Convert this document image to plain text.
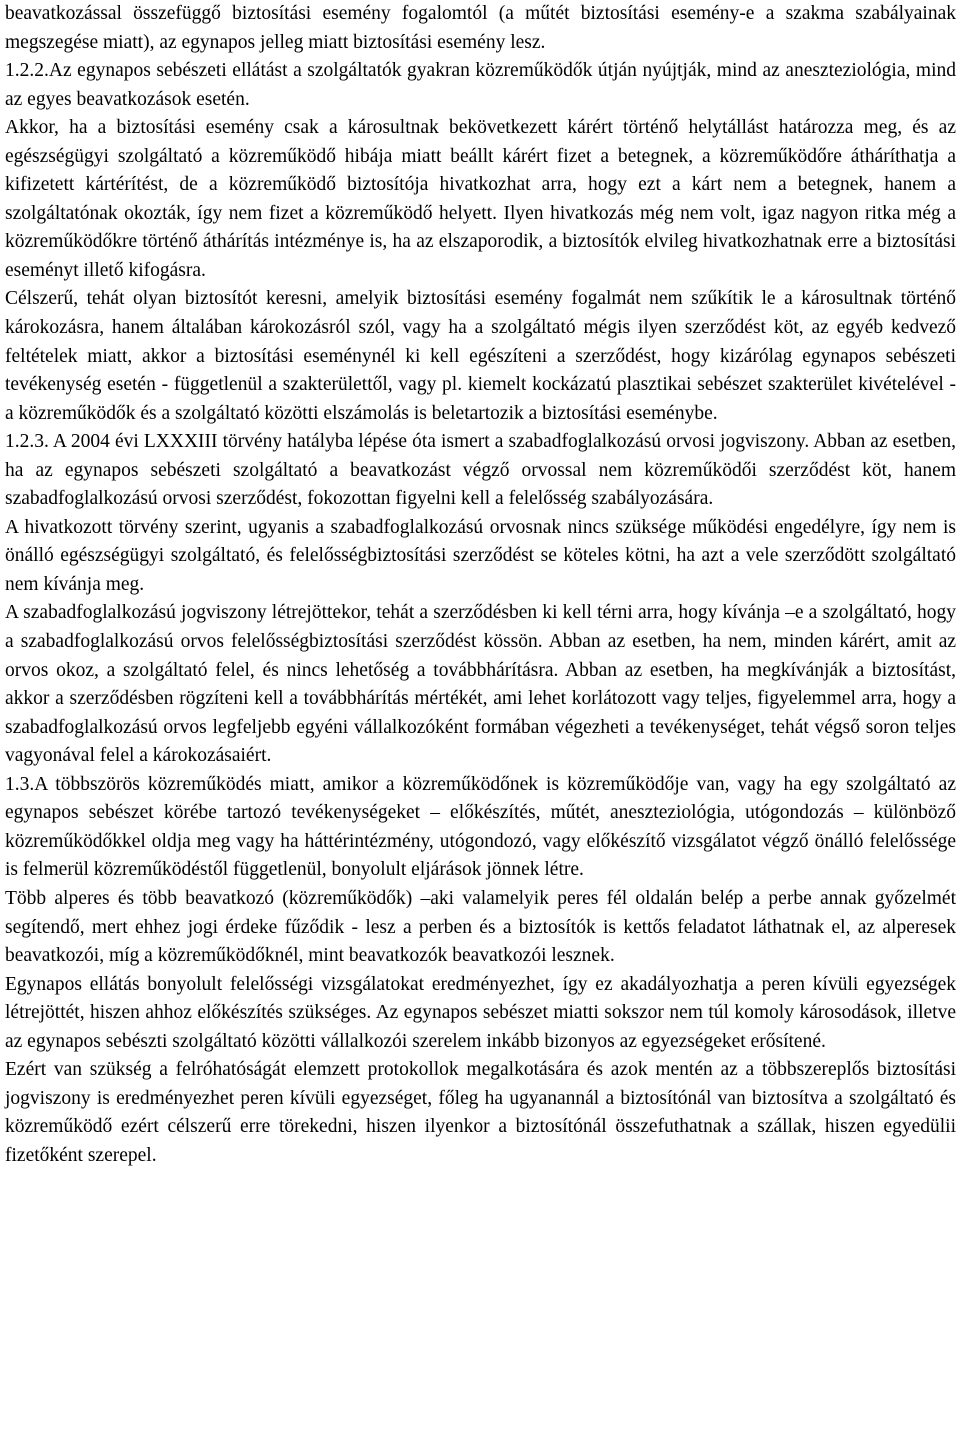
beavatkozással összefüggő biztosítási esemény fogalomtól (a műtét biztosítási esemény-e a szakma szabályainak megszegése miatt), az egynapos jelleg miatt biztosítási esemény lesz.

1.2.2.Az egynapos sebészeti ellátást a szolgáltatók gyakran közreműködők útján nyújtják, mind az aneszteziológia, mind az egyes beavatkozások esetén.

Akkor, ha a biztosítási esemény csak a károsultnak bekövetkezett kárért történő helytállást határozza meg, és az egészségügyi szolgáltató a közreműködő hibája miatt beállt kárért fizet a betegnek, a közreműködőre átháríthatja a kifizetett kártérítést, de a közreműködő biztosítója hivatkozhat arra, hogy ezt a kárt nem a betegnek, hanem a szolgáltatónak okozták, így nem fizet a közreműködő helyett. Ilyen hivatkozás még nem volt, igaz nagyon ritka még a közreműködőkre történő áthárítás intézménye is, ha az elszaporodik, a biztosítók elvileg hivatkozhatnak erre a biztosítási eseményt illető kifogásra.

Célszerű, tehát olyan biztosítót keresni, amelyik biztosítási esemény fogalmát nem szűkítik le a károsultnak történő károkozásra, hanem általában károkozásról szól, vagy ha a szolgáltató mégis ilyen szerződést köt, az egyéb kedvező feltételek miatt, akkor a biztosítási eseménynél ki kell egészíteni a szerződést, hogy kizárólag egynapos sebészeti tevékenység esetén - függetlenül a szakterülettől, vagy pl. kiemelt kockázatú plasztikai sebészet szakterület kivételével - a közreműködők és a szolgáltató közötti elszámolás is beletartozik a biztosítási eseménybe.

1.2.3. A 2004 évi LXXXIII törvény hatályba lépése óta ismert a szabadfoglalkozású orvosi jogviszony. Abban az esetben, ha az egynapos sebészeti szolgáltató a beavatkozást végző orvossal nem közreműködői szerződést köt, hanem szabadfoglalkozású orvosi szerződést, fokozottan figyelni kell a felelősség szabályozására.

A hivatkozott törvény szerint, ugyanis a szabadfoglalkozású orvosnak nincs szüksége működési engedélyre, így nem is önálló egészségügyi szolgáltató, és felelősségbiztosítási szerződést se köteles kötni, ha azt a vele szerződött szolgáltató nem kívánja meg.

A szabadfoglalkozású jogviszony létrejöttekor, tehát a szerződésben ki kell térni arra, hogy kívánja –e a szolgáltató, hogy a szabadfoglalkozású orvos felelősségbiztosítási szerződést kössön. Abban az esetben, ha nem, minden kárért, amit az orvos okoz, a szolgáltató felel, és nincs lehetőség a továbbhárításra. Abban az esetben, ha megkívánják a biztosítást, akkor a szerződésben rögzíteni kell a továbbhárítás mértékét, ami lehet korlátozott vagy teljes, figyelemmel arra, hogy a szabadfoglalkozású orvos legfeljebb egyéni vállalkozóként formában végezheti a tevékenységet, tehát végső soron teljes vagyonával felel a károkozásaiért.

1.3.A többszörös közreműködés miatt, amikor a közreműködőnek is közreműködője van, vagy ha egy szolgáltató az egynapos sebészet körébe tartozó tevékenységeket – előkészítés, műtét, aneszteziológia, utógondozás – különböző közreműködőkkel oldja meg vagy ha háttérintézmény, utógondozó, vagy előkészítő vizsgálatot végző önálló felelőssége is felmerül közreműködéstől függetlenül, bonyolult eljárások jönnek létre.

Több alperes és több beavatkozó (közreműködők) –aki valamelyik peres fél oldalán belép a perbe annak győzelmét segítendő, mert ehhez jogi érdeke fűződik - lesz a perben és a biztosítók is kettős feladatot láthatnak el, az alperesek beavatkozói, míg a közreműködőknél, mint beavatkozók beavatkozói lesznek.

Egynapos ellátás bonyolult felelősségi vizsgálatokat eredményezhet, így ez akadályozhatja a peren kívüli egyezségek létrejöttét, hiszen ahhoz előkészítés szükséges. Az egynapos sebészet miatti sokszor nem túl komoly károsodások, illetve az egynapos sebészti szolgáltató közötti vállalkozói szerelem inkább bizonyos az egyezségeket erősítené.

Ezért van szükség a felróhatóságát elemzett protokollok megalkotására és azok mentén az a többszereplős biztosítási jogviszony is eredményezhet peren kívüli egyezséget, főleg ha ugyanannál a biztosítónál van biztosítva a szolgáltató és közreműködő ezért célszerű erre törekedni, hiszen ilyenkor a biztosítónál összefuthatnak a szállak, hiszen egyedülii fizetőként szerepel.
